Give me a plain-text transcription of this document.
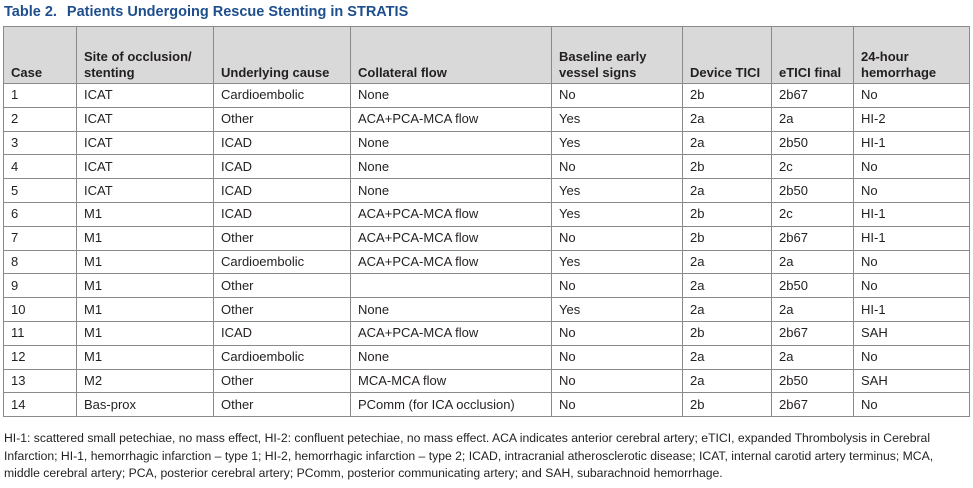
Table 2. Patients Undergoing Rescue Stenting in STRATIS
Case	Site of occlusion/ stenting	Underlying cause	Collateral flow	Baseline early vessel signs	Device TICI	eTICI final	24-hour hemorrhage
1	ICAT	Cardioembolic	None	No	2b	2b67	No
2	ICAT	Other	ACA+PCA-MCA flow	Yes	2a	2a	HI-2
3	ICAT	ICAD	None	Yes	2a	2b50	HI-1
4	ICAT	ICAD	None	No	2b	2c	No
5	ICAT	ICAD	None	Yes	2a	2b50	No
6	M1	ICAD	ACA+PCA-MCA flow	Yes	2b	2c	HI-1
7	M1	Other	ACA+PCA-MCA flow	No	2b	2b67	HI-1
8	M1	Cardioembolic	ACA+PCA-MCA flow	Yes	2a	2a	No
9	M1	Other		No	2a	2b50	No
10	M1	Other	None	Yes	2a	2a	HI-1
11	M1	ICAD	ACA+PCA-MCA flow	No	2b	2b67	SAH
12	M1	Cardioembolic	None	No	2a	2a	No
13	M2	Other	MCA-MCA flow	No	2a	2b50	SAH
14	Bas-prox	Other	PComm (for ICA occlusion)	No	2b	2b67	No
HI-1: scattered small petechiae, no mass effect, HI-2: confluent petechiae, no mass effect. ACA indicates anterior cerebral artery; eTICI, expanded Thrombolysis in Cerebral Infarction; HI-1, hemorrhagic infarction – type 1; HI-2, hemorrhagic infarction – type 2; ICAD, intracranial atherosclerotic disease; ICAT, internal carotid artery terminus; MCA, middle cerebral artery; PCA, posterior cerebral artery; PComm, posterior communicating artery; and SAH, subarachnoid hemorrhage.
